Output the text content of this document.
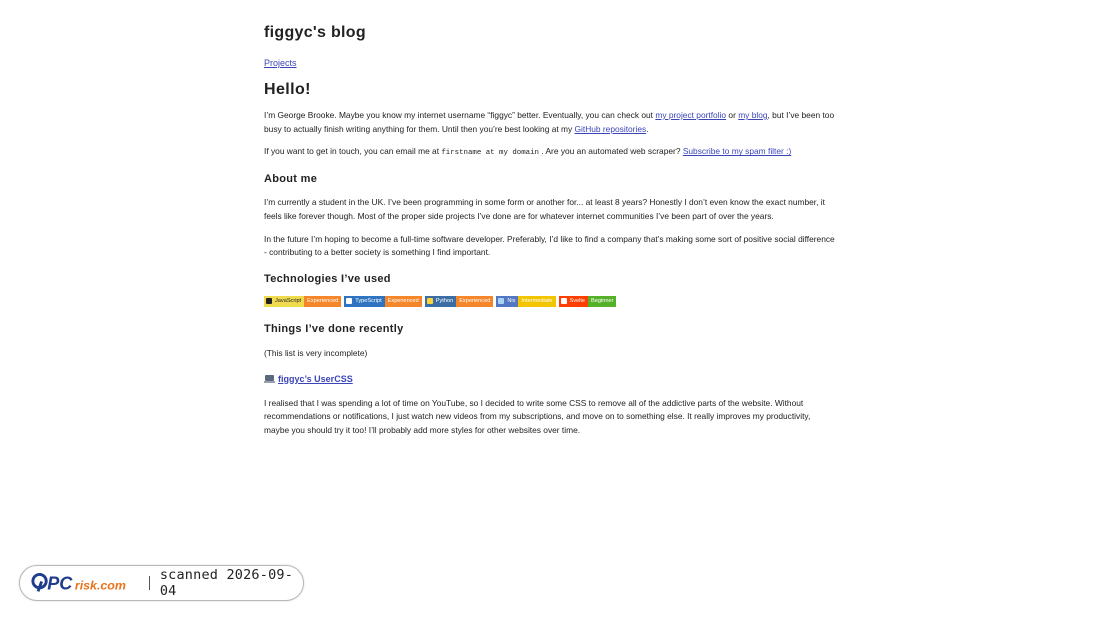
figgyc's blog
Projects
Hello!

I’m George Brooke. Maybe you know my internet username “figgyc” better. Eventually, you can check out my project portfolio or my blog, but I’ve been too busy to actually finish writing anything for them. Until then you’re best looking at my GitHub repositories.

If you want to get in touch, you can email me at firstname at my domain . Are you an automated web scraper? Subscribe to my spam filter :)

About me

I’m currently a student in the UK. I’ve been programming in some form or another for... at least 8 years? Honestly I don’t even know the exact number, it feels like forever though. Most of the proper side projects I’ve done are for whatever internet communities I’ve been part of over the years.

In the future I’m hoping to become a full-time software developer. Preferably, I’d like to find a company that’s making some sort of positive social difference - contributing to a better society is something I find important.

Technologies I’ve used
JavaScript	Experienced	TypeScript	Experienced	Python	Experienced	Nix	Intermediate	Svelte	Beginner
Things I’ve done recently

(This list is very incomplete)

figgyc’s UserCSS

I realised that I was spending a lot of time on YouTube, so I decided to write some CSS to remove all of the addictive parts of the website. Without recommendations or notifications, I just watch new videos from my subscriptions, and move on to something else. It really improves my productivity, maybe you should try it too! I’ll probably add more styles for other websites over time.

PC risk.com
scanned 2026-09-04
